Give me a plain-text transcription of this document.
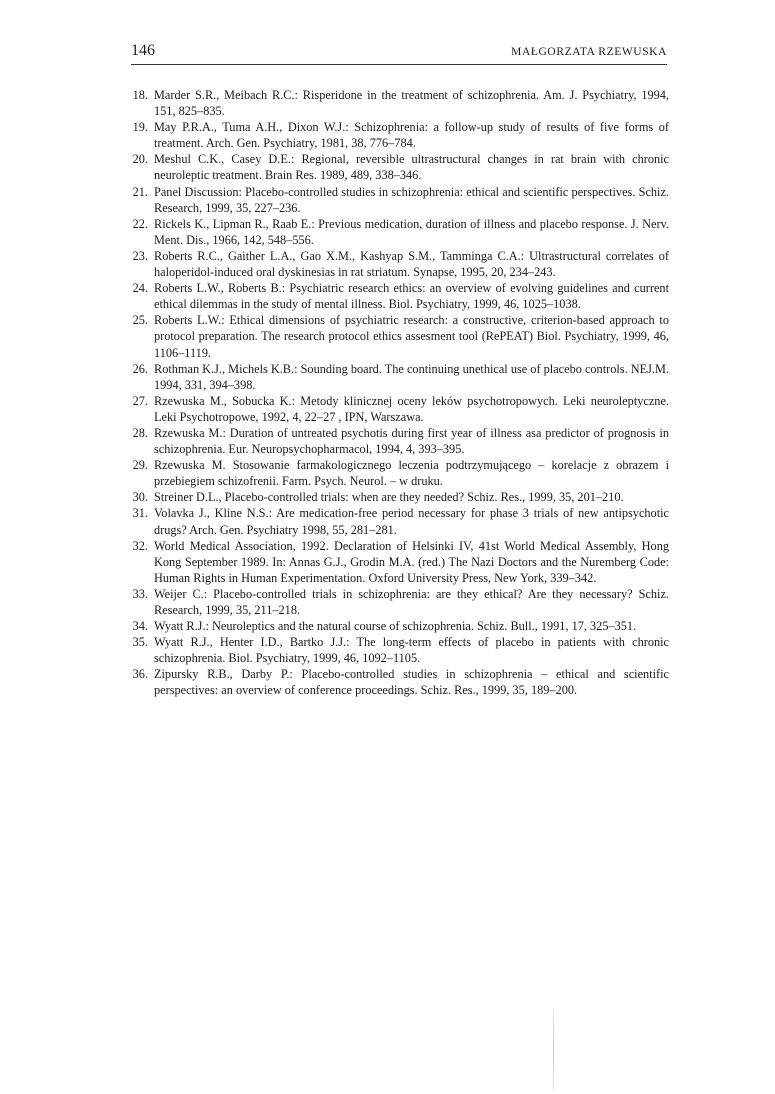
146	MAŁGORZATA RZEWUSKA
18. Marder S.R., Meibach R.C.: Risperidone in the treatment of schizophrenia. Am. J. Psychiatry, 1994, 151, 825–835.
19. May P.R.A., Tuma A.H., Dixon W.J.: Schizophrenia: a follow-up study of results of five forms of treatment. Arch. Gen. Psychiatry, 1981, 38, 776–784.
20. Meshul C.K., Casey D.E.: Regional, reversible ultrastructural changes in rat brain with chronic neuroleptic treatment. Brain Res. 1989, 489, 338–346.
21. Panel Discussion: Placebo-controlled studies in schizophrenia: ethical and scientific perspectives. Schiz. Research, 1999, 35, 227–236.
22. Rickels K., Lipman R., Raab E.: Previous medication, duration of illness and placebo response. J. Nerv. Ment. Dis., 1966, 142, 548–556.
23. Roberts R.C., Gaither L.A., Gao X.M., Kashyap S.M., Tamminga C.A.: Ultrastructural correlates of haloperidol-induced oral dyskinesias in rat striatum. Synapse, 1995, 20, 234–243.
24. Roberts L.W., Roberts B.: Psychiatric research ethics: an overview of evolving guidelines and current ethical dilemmas in the study of mental illness. Biol. Psychiatry, 1999, 46, 1025–1038.
25. Roberts L.W.: Ethical dimensions of psychiatric research: a constructive, criterion-based approach to protocol preparation. The research protocol ethics assesment tool (RePEAT) Biol. Psychiatry, 1999, 46, 1106–1119.
26. Rothman K.J., Michels K.B.: Sounding board. The continuing unethical use of placebo controls. NEJ.M. 1994, 331, 394–398.
27. Rzewuska M., Sobucka K.: Metody klinicznej oceny leków psychotropowych. Leki neuroleptyczne. Leki Psychotropowe, 1992, 4, 22–27 , IPN, Warszawa.
28. Rzewuska M.: Duration of untreated psychotis during first year of illness asa predictor of prognosis in schizophrenia. Eur. Neuropsychopharmacol, 1994, 4, 393–395.
29. Rzewuska M. Stosowanie farmakologicznego leczenia podtrzymującego – korelacje z obrazem i przebiegiem schizofrenii. Farm. Psych. Neurol. – w druku.
30. Streiner D.L., Placebo-controlled trials: when are they needed? Schiz. Res., 1999, 35, 201–210.
31. Volavka J., Kline N.S.: Are medication-free period necessary for phase 3 trials of new antipsychotic drugs? Arch. Gen. Psychiatry 1998, 55, 281–281.
32. World Medical Association, 1992. Declaration of Helsinki IV, 41st World Medical Assembly, Hong Kong September 1989. In: Annas G.J., Grodin M.A. (red.) The Nazi Doctors and the Nuremberg Code: Human Rights in Human Experimentation. Oxford University Press, New York, 339–342.
33. Weijer C.: Placebo-controlled trials in schizophrenia: are they ethical? Are they necessary? Schiz. Research, 1999, 35, 211–218.
34. Wyatt R.J.: Neuroleptics and the natural course of schizophrenia. Schiz. Bull., 1991, 17, 325–351.
35. Wyatt R.J., Henter I.D., Bartko J.J.: The long-term effects of placebo in patients with chronic schizophrenia. Biol. Psychiatry, 1999, 46, 1092–1105.
36. Zipursky R.B., Darby P.: Placebo-controlled studies in schizophrenia – ethical and scientific perspectives: an overview of conference proceedings. Schiz. Res., 1999, 35, 189–200.
